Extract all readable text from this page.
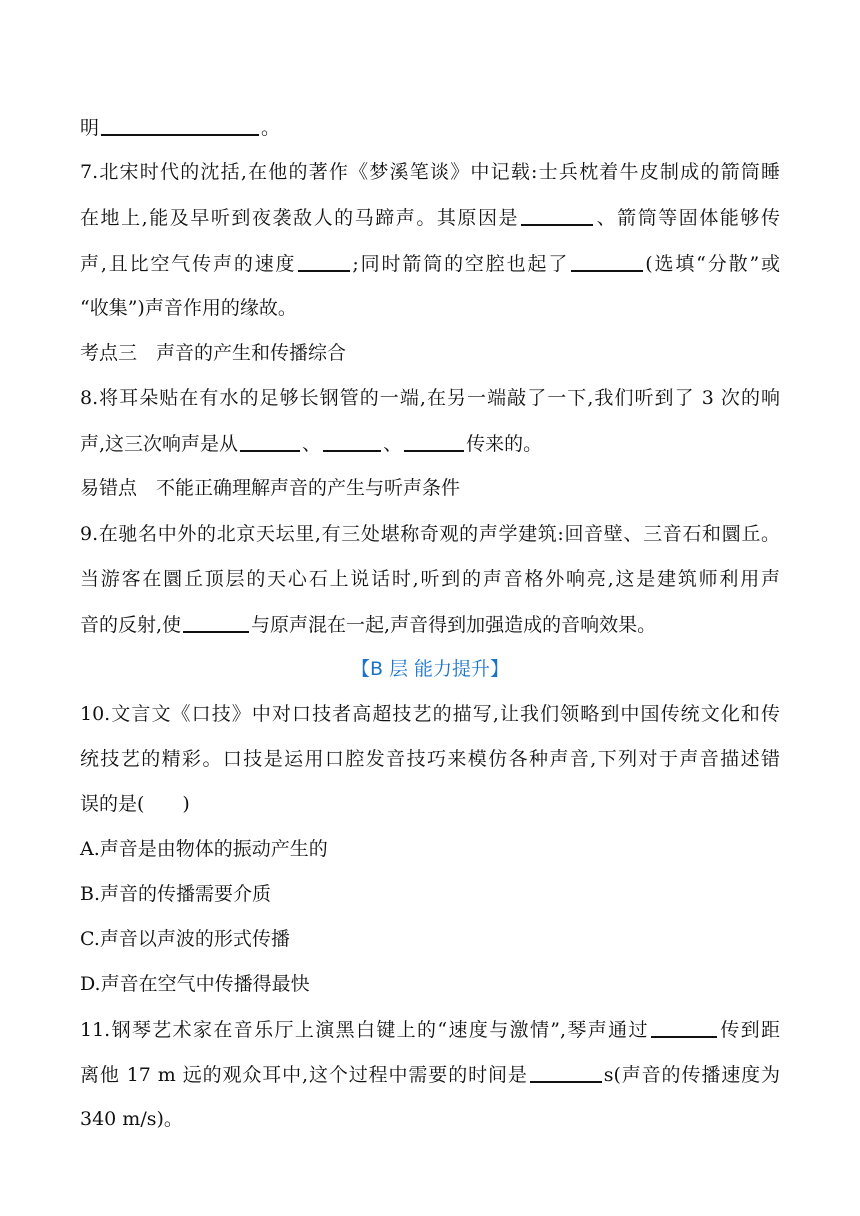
明	。
7.北宋时代的沈括,在他的著作《梦溪笔谈》中记载:士兵枕着牛皮制成的箭筒睡
在地上,能及早听到夜袭敌人的马蹄声。其原因是	、箭筒等固体能够传
声,且比空气传声的速度	;同时箭筒的空腔也起了	(选填“分散”或
“收集”)声音作用的缘故。
考点三　声音的产生和传播综合
8.将耳朵贴在有水的足够长钢管的一端,在另一端敲了一下,我们听到了 3 次的响
声,这三次响声是从	、	、	传来的。
易错点　不能正确理解声音的产生与听声条件
9.在驰名中外的北京天坛里,有三处堪称奇观的声学建筑:回音壁、三音石和圜丘。
当游客在圜丘顶层的天心石上说话时,听到的声音格外响亮,这是建筑师利用声
音的反射,使	与原声混在一起,声音得到加强造成的音响效果。
【B 层 能力提升】
10.文言文《口技》中对口技者高超技艺的描写,让我们领略到中国传统文化和传
统技艺的精彩。口技是运用口腔发音技巧来模仿各种声音,下列对于声音描述错
误的是(　　)
A.声音是由物体的振动产生的
B.声音的传播需要介质
C.声音以声波的形式传播
D.声音在空气中传播得最快
11.钢琴艺术家在音乐厅上演黑白键上的“速度与激情”,琴声通过	传到距
离他 17 m 远的观众耳中,这个过程中需要的时间是	s(声音的传播速度为
340 m/s)。
